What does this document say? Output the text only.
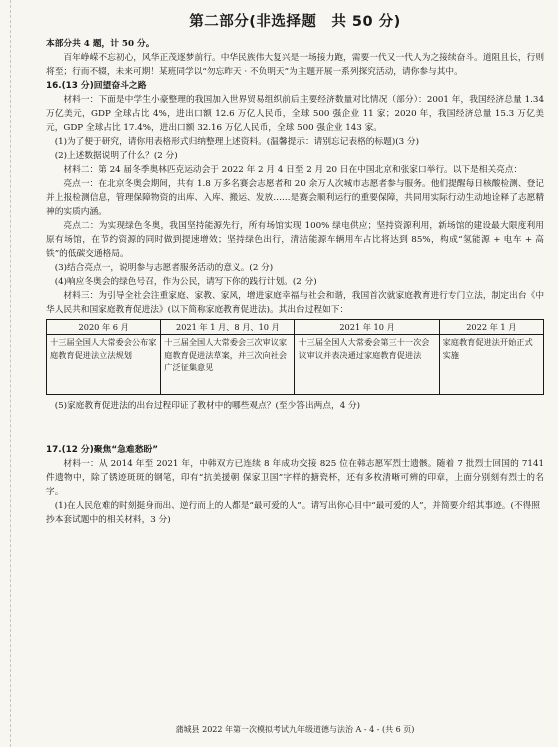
第二部分(非选择题　共 50 分)
本部分共 4 题，计 50 分。
百年峥嵘不忘初心，风华正茂逐梦前行。中华民族伟大复兴是一场接力跑，需要一代又一代人为之接续奋斗。道阻且长，行则将至；行而不辍，未来可期！某班同学以“勿忘昨天 · 不负明天”为主题开展一系列探究活动，请你参与其中。
16.(13 分)回望奋斗之路
材料一：下面是中学生小豪整理的我国加入世界贸易组织前后主要经济数量对比情况（部分）：2001 年，我国经济总量 1.34 万亿美元，GDP 全球占比 4%，进出口额 12.6 万亿人民币，全球 500 强企业 11 家；2020 年，我国经济总量 15.3 万亿美元，GDP 全球占比 17.4%，进出口额 32.16 万亿人民币，全球 500 强企业 143 家。
(1)为了便于研究，请你用表格形式归纳整理上述资料。(温馨提示：请别忘记表格的标题)(3 分)
(2)上述数据说明了什么？(2 分)
材料二：第 24 届冬季奥林匹克运动会于 2022 年 2 月 4 日至 2 月 20 日在中国北京和张家口举行。以下是相关亮点：
亮点一：在北京冬奥会期间，共有 1.8 万多名赛会志愿者和 20 余万人次城市志愿者参与服务。他们提醒每日核酸检测、登记并上报检测信息，管理保障物资的出库、入库、搬运、发放……是赛会顺利运行的重要保障，共同用实际行动生动地诠释了志愿精神的实质内涵。
亮点二：为实现绿色冬奥，我国坚持能源先行，所有场馆实现 100% 绿电供应；坚持资源利用，新场馆的建设最大限度利用原有场馆，在节约资源的同时做到提速增效；坚持绿色出行，清洁能源车辆用车占比将达到 85%，构成“氢能源 + 电车 + 高铁”的低碳交通格局。
(3)结合亮点一，说明参与志愿者服务活动的意义。(2 分)
(4)响应冬奥会的绿色号召，作为公民，请写下你的践行计划。(2 分)
材料三：为引导全社会注重家庭、家教、家风，增进家庭幸福与社会和谐，我国首次就家庭教育进行专门立法，制定出台《中华人民共和国家庭教育促进法》(以下简称家庭教育促进法)。其出台过程如下：
2020 年 6 月	2021 年 1 月、8 月、10 月	2021 年 10 月	2022 年 1 月
十三届全国人大常委会公布家庭教育促进法立法规划	十三届全国人大常委会三次审议家庭教育促进法草案，并三次向社会广泛征集意见	十三届全国人大常委会第三十一次会议审议并表决通过家庭教育促进法	家庭教育促进法开始正式实施
(5)家庭教育促进法的出台过程印证了教材中的哪些观点？(至少答出两点，4 分)
17.(12 分)聚焦“急难愁盼”
材料一：从 2014 年至 2021 年，中韩双方已连续 8 年成功交接 825 位在韩志愿军烈士遗骸。随着 7 批烈士回国的 7141 件遗物中，除了锈迹斑斑的钢笔，印有“抗美援朝 保家卫国”字样的搪瓷杯，还有多枚清晰可辨的印章，上面分别刻有烈士的名字。
(1)在人民危难的时刻挺身而出、逆行而上的人都是“最可爱的人”。请写出你心目中“最可爱的人”，并简要介绍其事迹。(不得照抄本套试题中的相关材料，3 分)
蒲城县 2022 年第一次模拟考试九年级道德与法治 A - 4 - (共 6 页)
